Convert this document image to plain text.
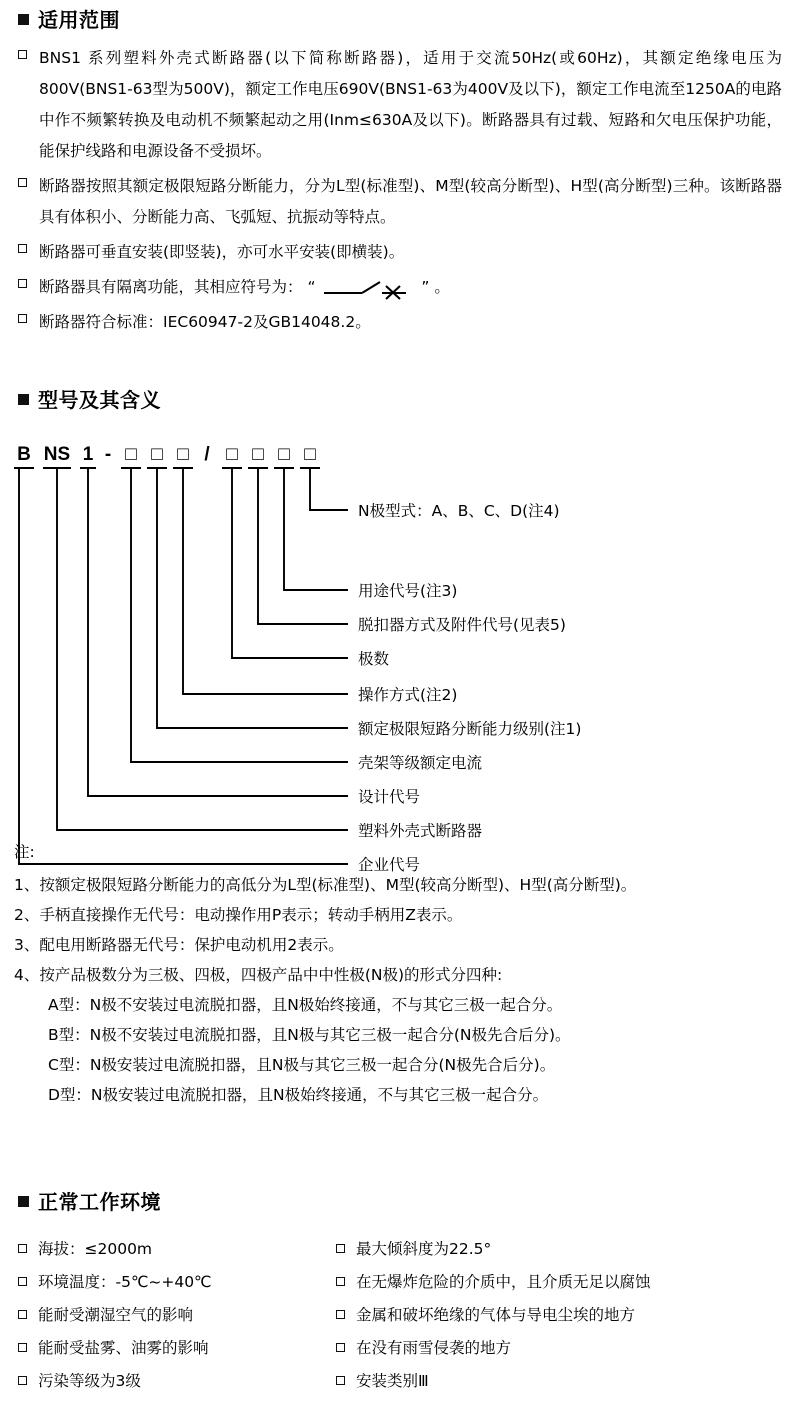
适用范围
BNS1 系列塑料外壳式断路器(以下简称断路器)，适用于交流50Hz(或60Hz)，其额定绝缘电压为800V(BNS1-63型为500V)，额定工作电压690V(BNS1-63为400V及以下)，额定工作电流至1250A的电路中作不频繁转换及电动机不频繁起动之用(Inm≤630A及以下)。断路器具有过载、短路和欠电压保护功能，能保护线路和电源设备不受损坏。
断路器按照其额定极限短路分断能力，分为L型(标准型)、M型(较高分断型)、H型(高分断型)三种。该断路器具有体积小、分断能力高、飞弧短、抗振动等特点。
断路器可垂直安装(即竖装)，亦可水平安装(即横装)。
断路器具有隔离功能，其相应符号为： “	” 。
断路器符合标准：IEC60947-2及GB14048.2。
型号及其含义
B NS 1 - □ □ □ / □ □ □ □
N极型式：A、B、C、D(注4)
用途代号(注3)
脱扣器方式及附件代号(见表5)
极数
操作方式(注2)
额定极限短路分断能力级别(注1)
壳架等级额定电流
设计代号
塑料外壳式断路器
企业代号
注:
1、按额定极限短路分断能力的高低分为L型(标准型)、M型(较高分断型)、H型(高分断型)。
2、手柄直接操作无代号：电动操作用P表示；转动手柄用Z表示。
3、配电用断路器无代号：保护电动机用2表示。
4、按产品极数分为三极、四极，四极产品中中性极(N极)的形式分四种:
A型：N极不安装过电流脱扣器，且N极始终接通，不与其它三极一起合分。
B型：N极不安装过电流脱扣器，且N极与其它三极一起合分(N极先合后分)。
C型：N极安装过电流脱扣器，且N极与其它三极一起合分(N极先合后分)。
D型：N极安装过电流脱扣器，且N极始终接通，不与其它三极一起合分。
正常工作环境
海拔：≤2000m	最大倾斜度为22.5°
环境温度：-5℃~+40℃	在无爆炸危险的介质中，且介质无足以腐蚀
能耐受潮湿空气的影响	金属和破坏绝缘的气体与导电尘埃的地方
能耐受盐雾、油雾的影响	在没有雨雪侵袭的地方
污染等级为3级	安装类别Ⅲ
